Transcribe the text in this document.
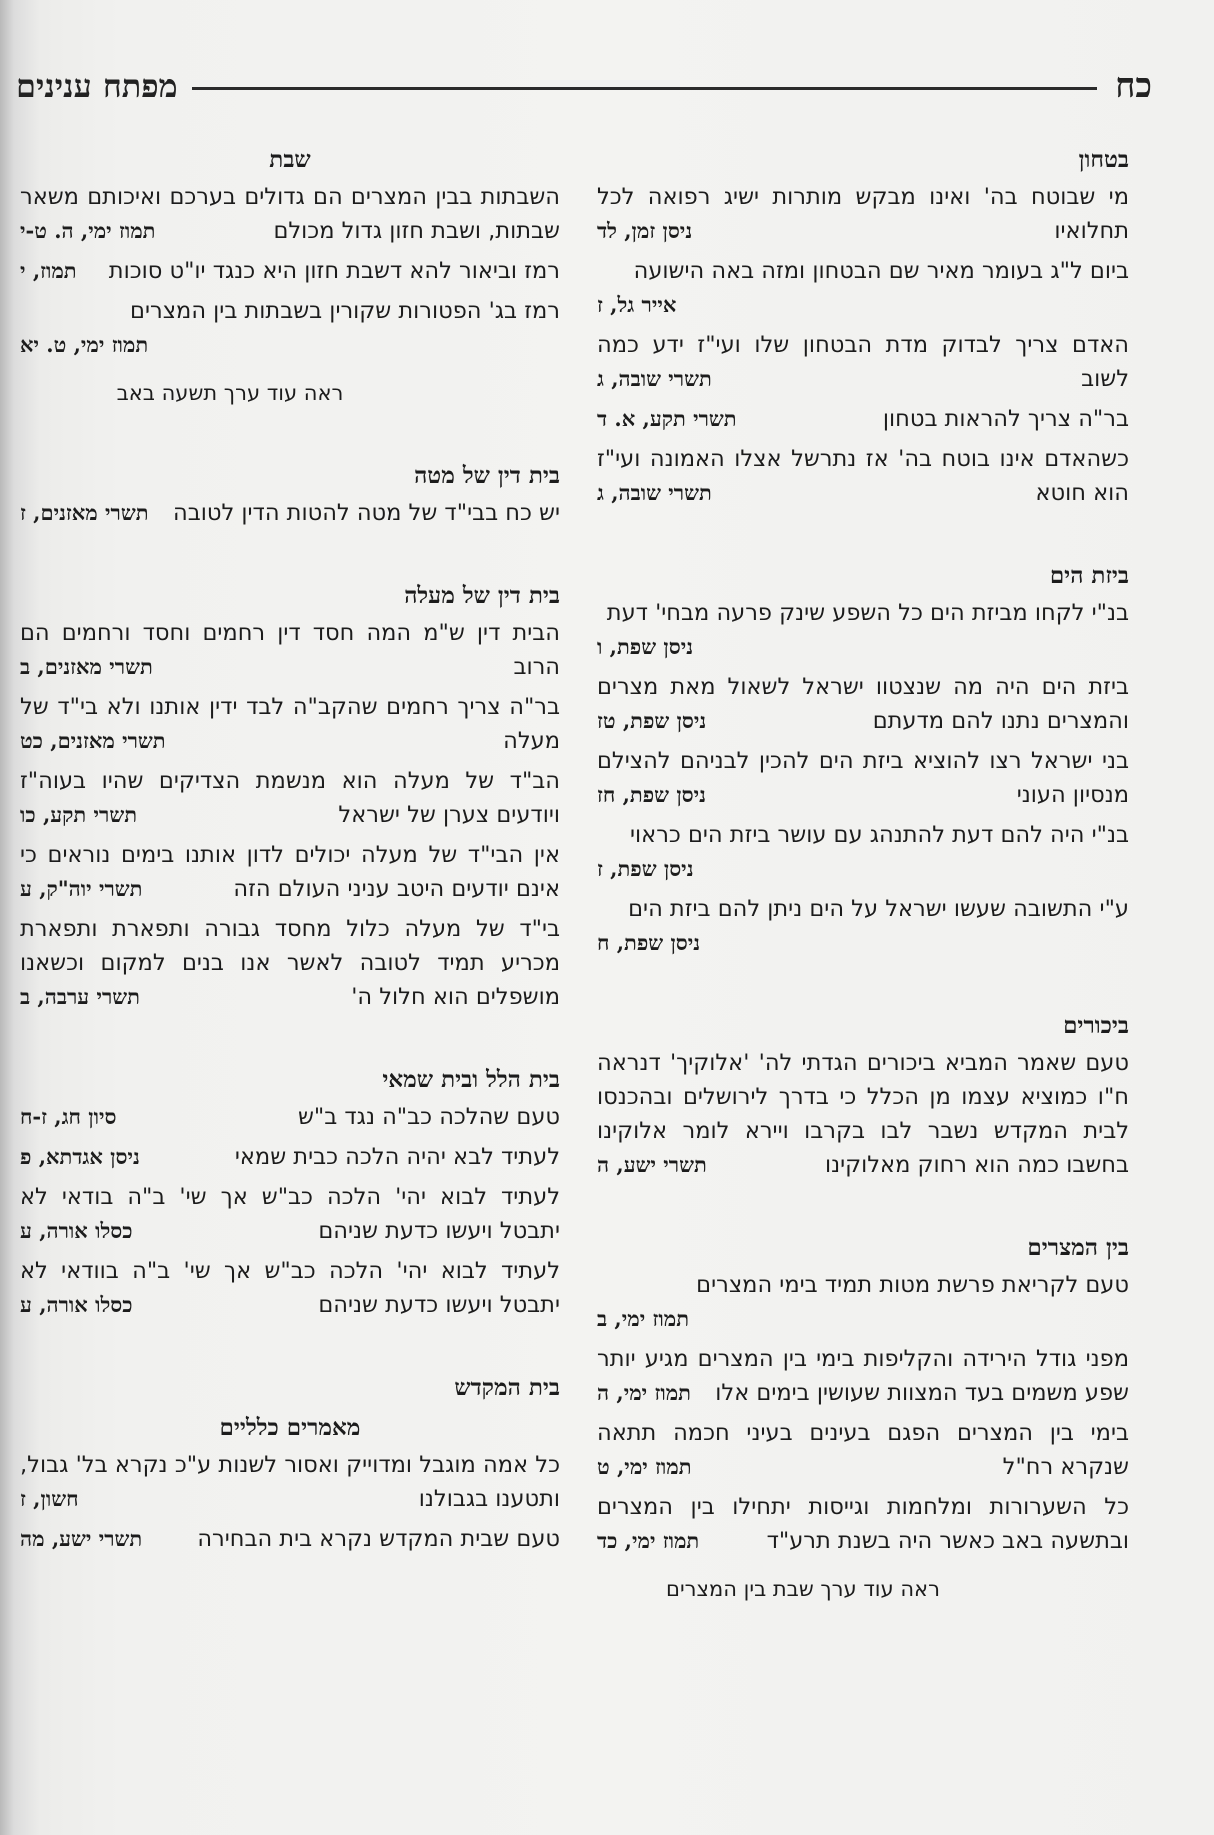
כח
מפתח ענינים
בטחון

מי שבוטח בה' ואינו מבקש מותרות ישיג רפואה לכל תחלואיו
ניסן זמן, לד

ביום ל"ג בעומר מאיר שם הבטחון ומזה באה הישועה
אייר גל, ז

האדם צריך לבדוק מדת הבטחון שלו ועי"ז ידע כמה לשוב
תשרי שובה, ג

בר"ה צריך להראות בטחון
תשרי תקע, א. ד

כשהאדם אינו בוטח בה' אז נתרשל אצלו האמונה ועי"ז הוא חוטא
תשרי שובה, ג

ביזת הים

בנ"י לקחו מביזת הים כל השפע שינק פרעה מבחי' דעת
ניסן שפת, ו

ביזת הים היה מה שנצטוו ישראל לשאול מאת מצרים והמצרים נתנו להם מדעתם
ניסן שפת, טז

בני ישראל רצו להוציא ביזת הים להכין לבניהם להצילם מנסיון העוני
ניסן שפת, חז

בנ"י היה להם דעת להתנהג עם עושר ביזת הים כראוי
ניסן שפת, ז

ע"י התשובה שעשו ישראל על הים ניתן להם ביזת הים
ניסן שפת, ח

ביכורים

טעם שאמר המביא ביכורים הגדתי לה' 'אלוקיך' דנראה ח"ו כמוציא עצמו מן הכלל כי בדרך לירושלים ובהכנסו לבית המקדש נשבר לבו בקרבו ויירא לומר אלוקינו בחשבו כמה הוא רחוק מאלוקינו
תשרי ישע, ה

בין המצרים

טעם לקריאת פרשת מטות תמיד בימי המצרים
תמוז ימי, ב

מפני גודל הירידה והקליפות בימי בין המצרים מגיע יותר שפע משמים בעד המצוות שעושין בימים אלו
תמוז ימי, ה

בימי בין המצרים הפגם בעינים בעיני חכמה תתאה שנקרא רח"ל
תמוז ימי, ט

כל השערורות ומלחמות וגייסות יתחילו בין המצרים ובתשעה באב כאשר היה בשנת תרע"ד
תמוז ימי, כד

ראה עוד ערך שבת בין המצרים
שבת

השבתות בבין המצרים הם גדולים בערכם ואיכותם משאר שבתות, ושבת חזון גדול מכולם
תמוז ימי, ה. ט-י

רמז וביאור להא דשבת חזון היא כנגד יו"ט סוכות
תמוז, י

רמז בג' הפטורות שקורין בשבתות בין המצרים
תמוז ימי, ט. יא

ראה עוד ערך תשעה באב
בית דין של מטה

יש כח בבי"ד של מטה להטות הדין לטובה
תשרי מאזנים, ז

בית דין של מעלה

הבית דין ש"מ המה חסד דין רחמים וחסד ורחמים הם הרוב
תשרי מאזנים, ב

בר"ה צריך רחמים שהקב"ה לבד ידין אותנו ולא בי"ד של מעלה
תשרי מאזנים, כט

הב"ד של מעלה הוא מנשמת הצדיקים שהיו בעוה"ז ויודעים צערן של ישראל
תשרי תקע, כו

אין הבי"ד של מעלה יכולים לדון אותנו בימים נוראים כי אינם יודעים היטב עניני העולם הזה
תשרי יוה"ק, ע

בי"ד של מעלה כלול מחסד גבורה ותפארת ותפארת מכריע תמיד לטובה לאשר אנו בנים למקום וכשאנו מושפלים הוא חלול ה'
תשרי ערבה, ב

בית הלל ובית שמאי

טעם שהלכה כב"ה נגד ב"ש
סיון חג, ז-ח

לעתיד לבא יהיה הלכה כבית שמאי
ניסן אגדתא, פ

לעתיד לבוא יהי' הלכה כב"ש אך שי' ב"ה בודאי לא יתבטל ויעשו כדעת שניהם
כסלו אורה, ע

לעתיד לבוא יהי' הלכה כב"ש אך שי' ב"ה בוודאי לא יתבטל ויעשו כדעת שניהם
כסלו אורה, ע

בית המקדש
מאמרים כלליים

כל אמה מוגבל ומדוייק ואסור לשנות ע"כ נקרא בל' גבול, ותטענו בגבולנו
חשון, ז

טעם שבית המקדש נקרא בית הבחירה
תשרי ישע, מה
